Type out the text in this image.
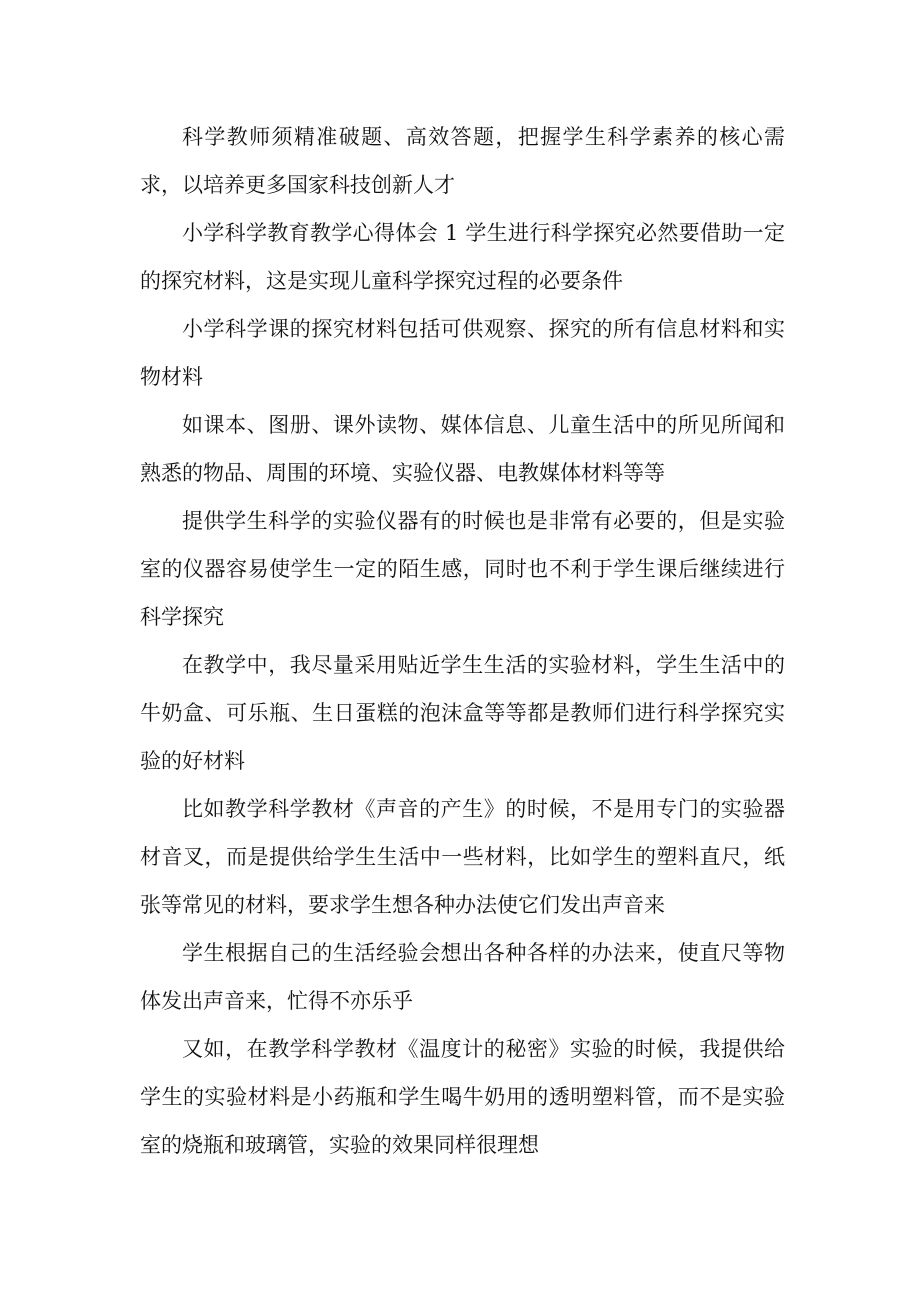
科学教师须精准破题、高效答题，把握学生科学素养的核心需求，以培养更多国家科技创新人才

小学科学教育教学心得体会 1 学生进行科学探究必然要借助一定的探究材料，这是实现儿童科学探究过程的必要条件

小学科学课的探究材料包括可供观察、探究的所有信息材料和实物材料

如课本、图册、课外读物、媒体信息、儿童生活中的所见所闻和熟悉的物品、周围的环境、实验仪器、电教媒体材料等等

提供学生科学的实验仪器有的时候也是非常有必要的，但是实验室的仪器容易使学生一定的陌生感，同时也不利于学生课后继续进行科学探究

在教学中，我尽量采用贴近学生生活的实验材料，学生生活中的牛奶盒、可乐瓶、生日蛋糕的泡沫盒等等都是教师们进行科学探究实验的好材料

比如教学科学教材《声音的产生》的时候，不是用专门的实验器材音叉，而是提供给学生生活中一些材料，比如学生的塑料直尺，纸张等常见的材料，要求学生想各种办法使它们发出声音来

学生根据自己的生活经验会想出各种各样的办法来，使直尺等物体发出声音来，忙得不亦乐乎

又如，在教学科学教材《温度计的秘密》实验的时候，我提供给学生的实验材料是小药瓶和学生喝牛奶用的透明塑料管，而不是实验室的烧瓶和玻璃管，实验的效果同样很理想
